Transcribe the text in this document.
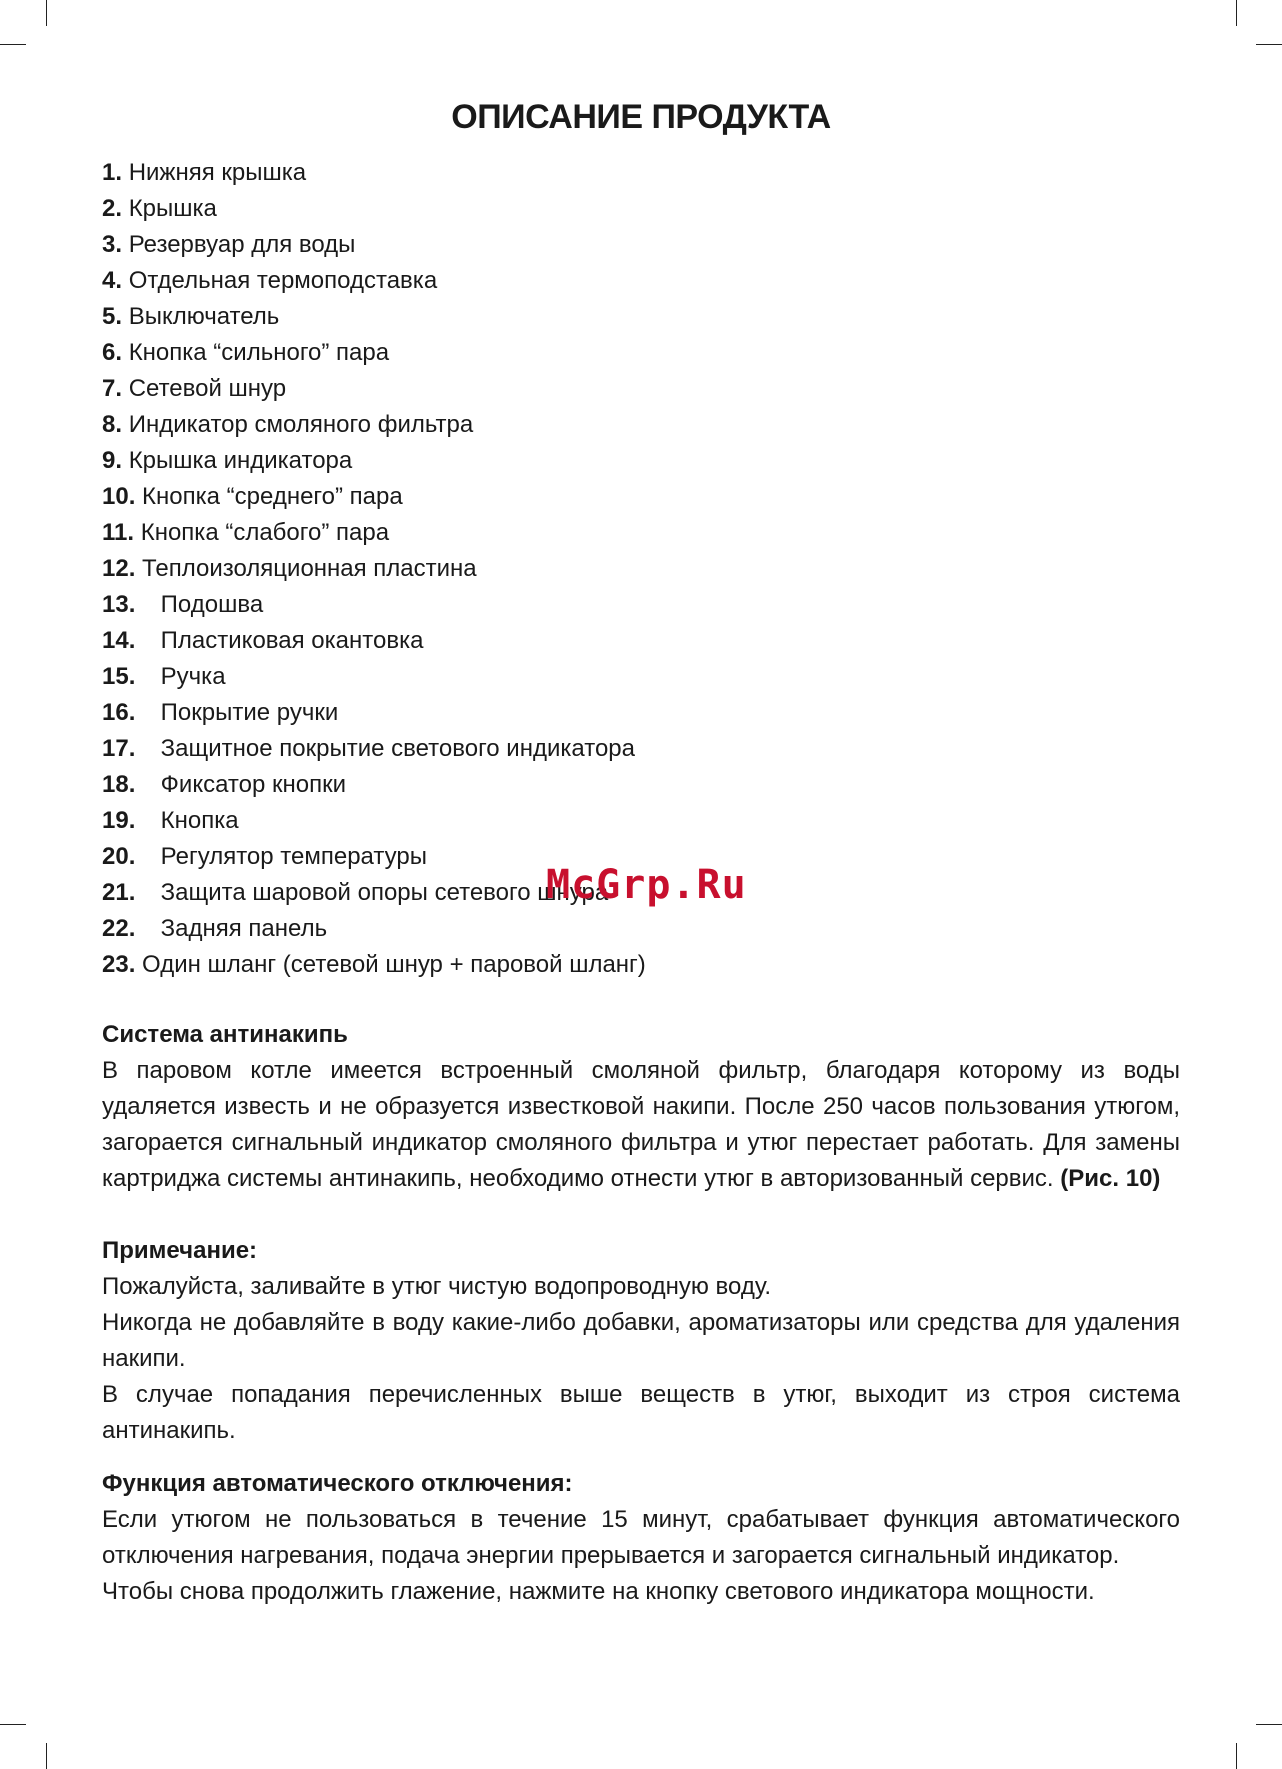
ОПИСАНИЕ ПРОДУКТА
1. Нижняя крышка
2. Крышка
3. Резервуар для воды
4. Отдельная термоподставка
5. Выключатель
6. Кнопка “сильного” пара
7. Сетевой шнур
8. Индикатор смоляного фильтра
9. Крышка индикатора
10. Кнопка “среднего” пара
11. Кнопка “слабого” пара
12. Теплоизоляционная пластина
13. Подошва
14. Пластиковая окантовка
15. Ручка
16. Покрытие ручки
17. Защитное покрытие светового индикатора
18. Фиксатор кнопки
19. Кнопка
20. Регулятор температуры
21. Защита шаровой опоры сетевого шнура
22. Задняя панель
23. Один шланг (сетевой шнур + паровой шланг)
Система антинакипь

В паровом котле имеется встроенный смоляной фильтр, благодаря которому из воды удаляется известь и не образуется известковой накипи. После 250 часов пользования утюгом, загорается сигнальный индикатор смоляного фильтра и утюг перестает работать. Для замены картриджа системы антинакипь, необходимо отнести утюг в авторизованный сервис. (Рис. 10)

Примечание:

Пожалуйста, заливайте в утюг чистую водопроводную воду.

Никогда не добавляйте в воду какие-либо добавки, ароматизаторы или средства для удаления накипи.

В случае попадания перечисленных выше веществ в утюг, выходит из строя система антинакипь.

Функция автоматического отключения:

Если утюгом не пользоваться в течение 15 минут, срабатывает функция автоматического отключения нагревания, подача энергии прерывается и загорается сигнальный индикатор.

Чтобы снова продолжить глажение, нажмите на кнопку светового индикатора мощности.

McGrp.Ru
